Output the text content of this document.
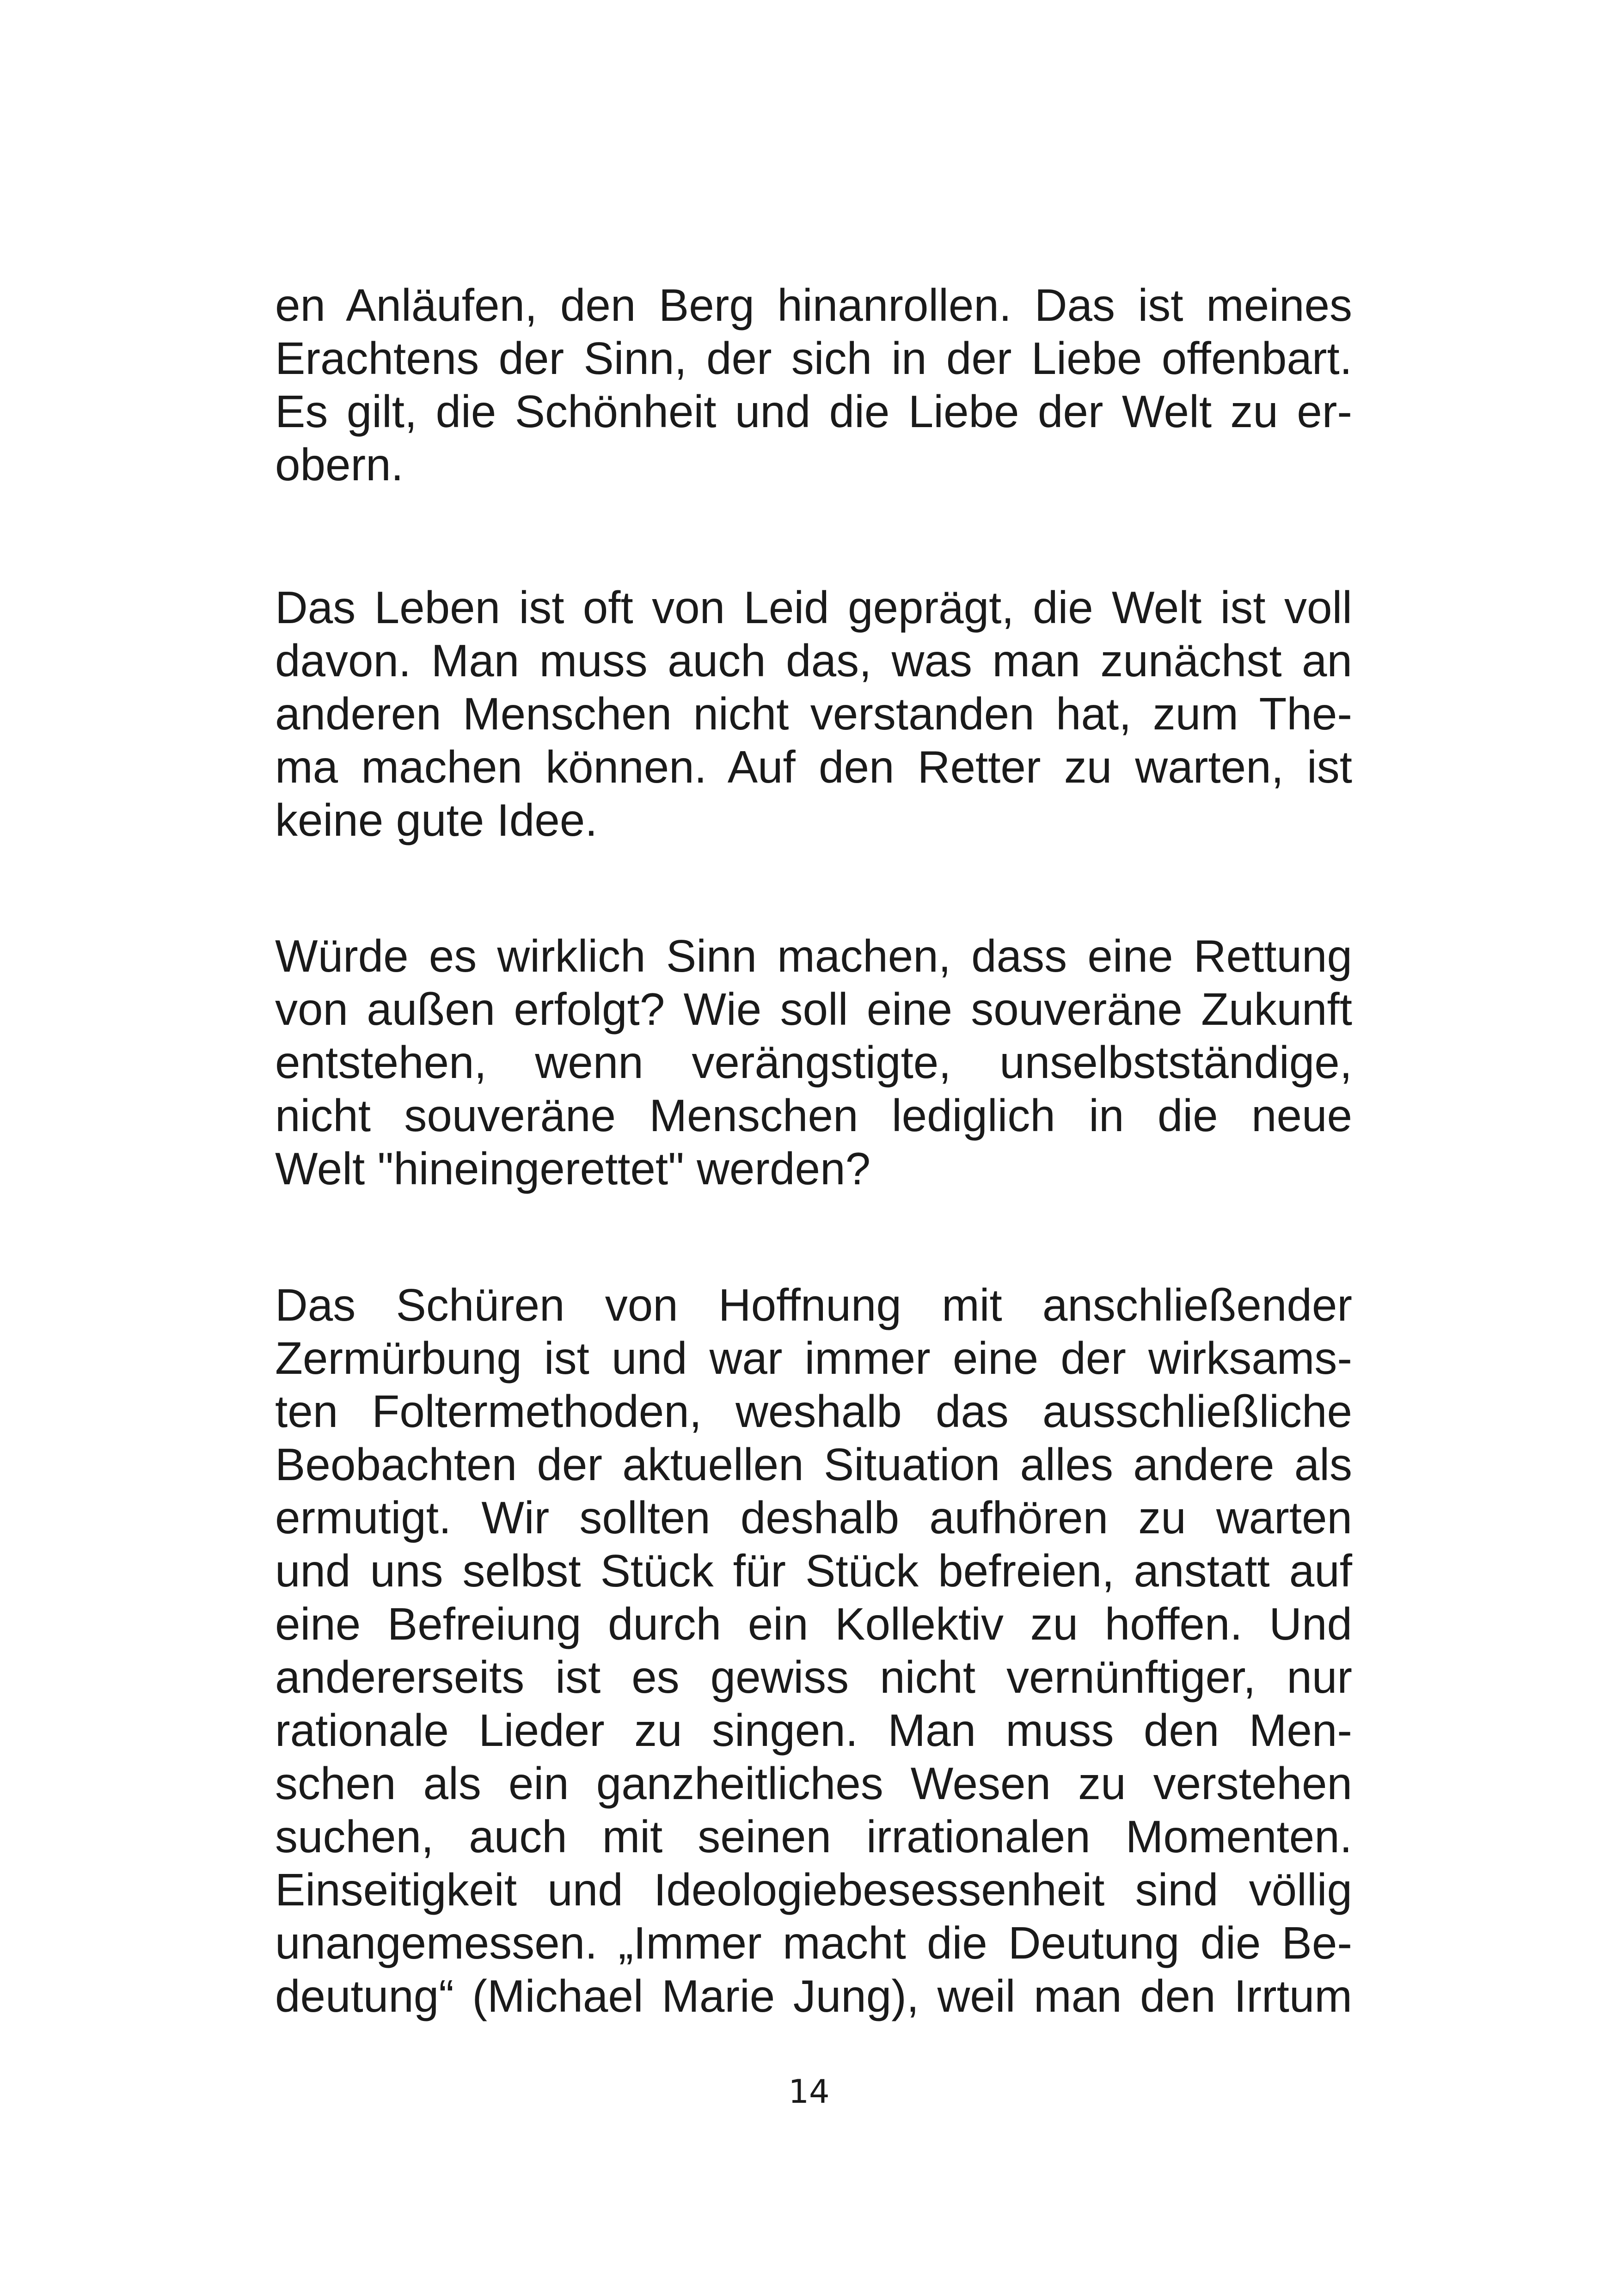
en Anläufen, den Berg hinanrollen. Das ist meines
Erachtens der Sinn, der sich in der Liebe offenbart.
Es gilt, die Schönheit und die Liebe der Welt zu er-
obern.
Das Leben ist oft von Leid geprägt, die Welt ist voll
davon. Man muss auch das, was man zunächst an
anderen Menschen nicht verstanden hat, zum The-
ma machen können. Auf den Retter zu warten, ist
keine gute Idee.
Würde es wirklich Sinn machen, dass eine Rettung
von außen erfolgt? Wie soll eine souveräne Zukunft
entstehen, wenn verängstigte, unselbstständige,
nicht souveräne Menschen lediglich in die neue
Welt "hineingerettet" werden?
Das Schüren von Hoffnung mit anschließender
Zermürbung ist und war immer eine der wirksams-
ten Foltermethoden, weshalb das ausschließliche
Beobachten der aktuellen Situation alles andere als
ermutigt. Wir sollten deshalb aufhören zu warten
und uns selbst Stück für Stück befreien, anstatt auf
eine Befreiung durch ein Kollektiv zu hoffen. Und
andererseits ist es gewiss nicht vernünftiger, nur
rationale Lieder zu singen. Man muss den Men-
schen als ein ganzheitliches Wesen zu verstehen
suchen, auch mit seinen irrationalen Momenten.
Einseitigkeit und Ideologiebesessenheit sind völlig
unangemessen. „Immer macht die Deutung die Be-
deutung“ (Michael Marie Jung), weil man den Irrtum
14
